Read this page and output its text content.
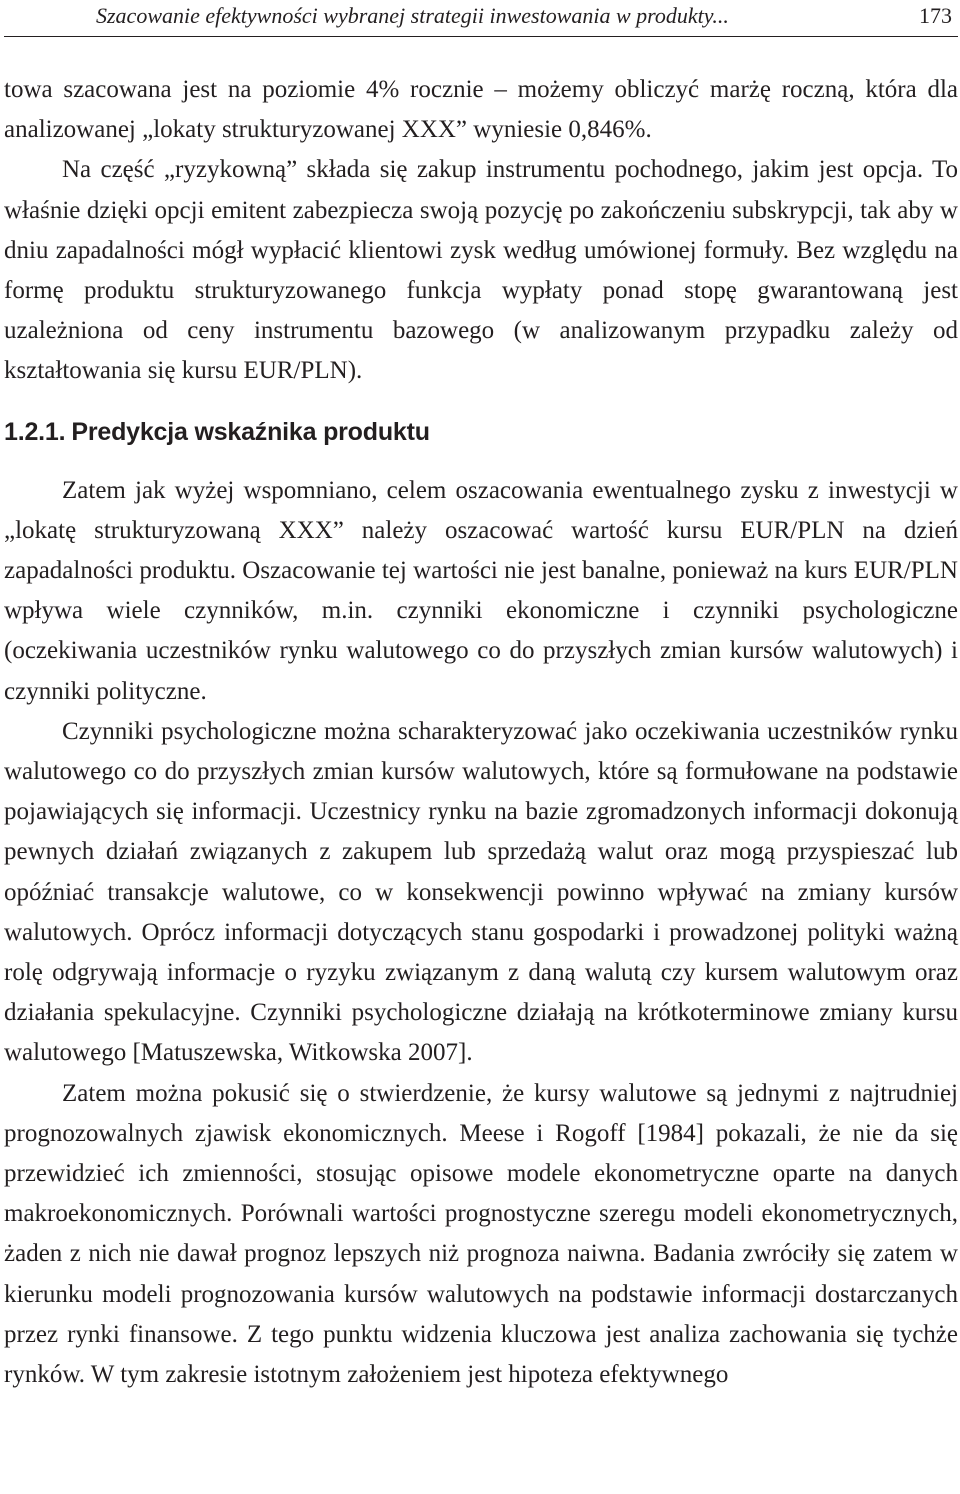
Szacowanie efektywności wybranej strategii inwestowania w produkty...	173

towa szacowana jest na poziomie 4% rocznie – możemy obliczyć marżę roczną, która dla analizowanej „lokaty strukturyzowanej XXX” wyniesie 0,846%.

Na część „ryzykowną” składa się zakup instrumentu pochodnego, jakim jest opcja. To właśnie dzięki opcji emitent zabezpiecza swoją pozycję po zakończeniu subskrypcji, tak aby w dniu zapadalności mógł wypłacić klientowi zysk według umówionej formuły. Bez względu na formę produktu strukturyzowanego funkcja wypłaty ponad stopę gwarantowaną jest uzależniona od ceny instrumentu bazowego (w analizowanym przypadku zależy od kształtowania się kursu EUR/PLN).

1.2.1. Predykcja wskaźnika produktu

Zatem jak wyżej wspomniano, celem oszacowania ewentualnego zysku z inwestycji w „lokatę strukturyzowaną XXX” należy oszacować wartość kursu EUR/PLN na dzień zapadalności produktu. Oszacowanie tej wartości nie jest banalne, ponieważ na kurs EUR/PLN wpływa wiele czynników, m.in. czynniki ekonomiczne i czynniki psychologiczne (oczekiwania uczestników rynku walutowego co do przyszłych zmian kursów walutowych) i czynniki polityczne.

Czynniki psychologiczne można scharakteryzować jako oczekiwania uczestników rynku walutowego co do przyszłych zmian kursów walutowych, które są formułowane na podstawie pojawiających się informacji. Uczestnicy rynku na bazie zgromadzonych informacji dokonują pewnych działań związanych z zakupem lub sprzedażą walut oraz mogą przyspieszać lub opóźniać transakcje walutowe, co w konsekwencji powinno wpływać na zmiany kursów walutowych. Oprócz informacji dotyczących stanu gospodarki i prowadzonej polityki ważną rolę odgrywają informacje o ryzyku związanym z daną walutą czy kursem walutowym oraz działania spekulacyjne. Czynniki psychologiczne działają na krótkoterminowe zmiany kursu walutowego [Matuszewska, Witkowska 2007].

Zatem można pokusić się o stwierdzenie, że kursy walutowe są jednymi z najtrudniej prognozowalnych zjawisk ekonomicznych. Meese i Rogoff [1984] pokazali, że nie da się przewidzieć ich zmienności, stosując opisowe modele ekonometryczne oparte na danych makroekonomicznych. Porównali wartości prognostyczne szeregu modeli ekonometrycznych, żaden z nich nie dawał prognoz lepszych niż prognoza naiwna. Badania zwróciły się zatem w kierunku modeli prognozowania kursów walutowych na podstawie informacji dostarczanych przez rynki finansowe. Z tego punktu widzenia kluczowa jest analiza zachowania się tychże rynków. W tym zakresie istotnym założeniem jest hipoteza efektywnego
